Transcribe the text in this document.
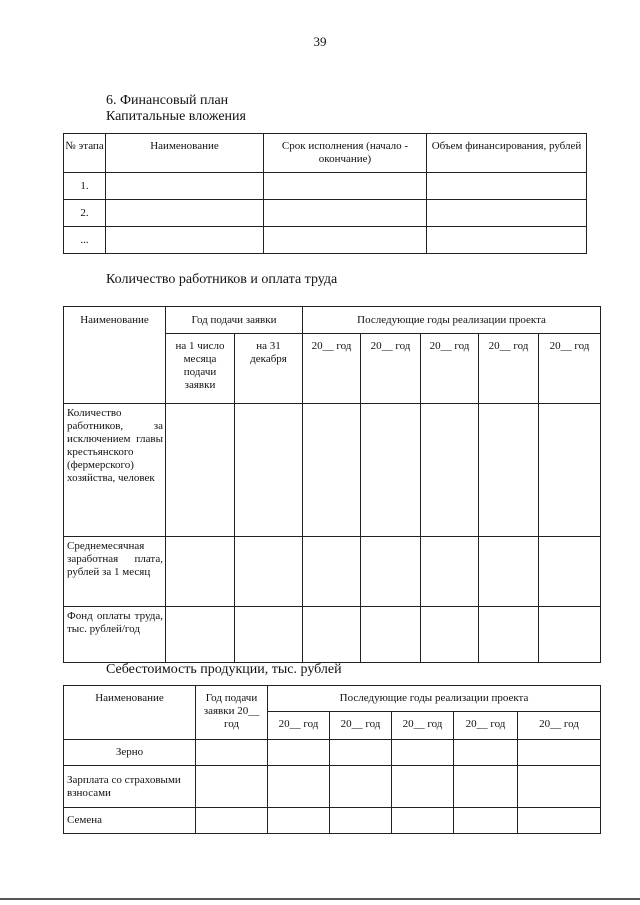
39
6. Финансовый план
Капитальные вложения
№ этапа	Наименование	Срок исполнения (начало - окончание)	Объем финансирования, рублей
1.			
2.			
...			
Количество работников и оплата труда
Наименование	Год подачи заявки		Последующие годы реализации проекта				
	на 1 число месяца подачи заявки	на 31 декабря	20__ год	20__ год	20__ год	20__ год	20__ год
Количество работников, за исключением главы крестьянского (фермерского) хозяйства, человек							
Среднемесячная заработная плата, рублей за 1 месяц							
Фонд оплаты труда, тыс. рублей/год							
Себестоимость продукции, тыс. рублей
Наименование	Год подачи заявки 20__ год	Последующие годы реализации проекта				
		20__ год	20__ год	20__ год	20__ год	20__ год
Зерно						
Зарплата со страховыми взносами						
Семена						
